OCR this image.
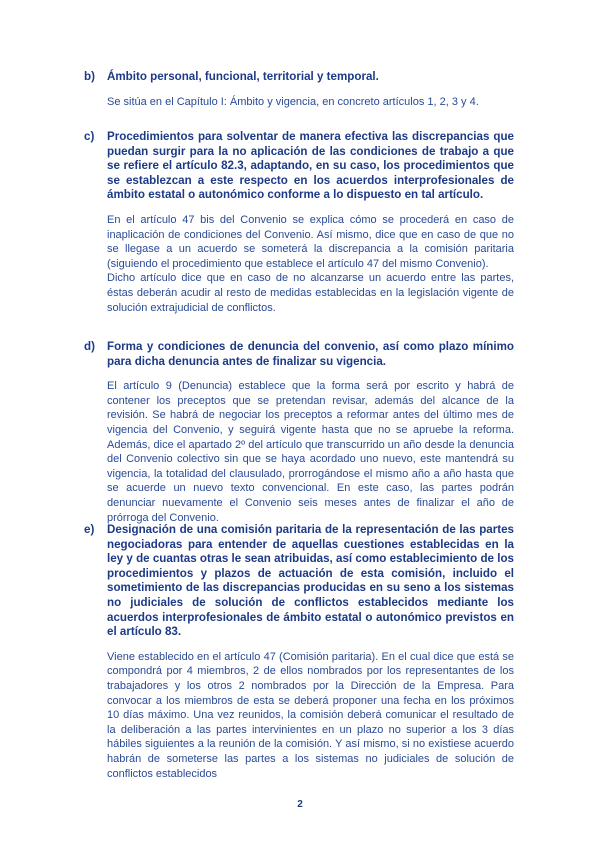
b) Ámbito personal, funcional, territorial y temporal.

Se sitúa en el Capítulo I: Ámbito y vigencia, en concreto artículos 1, 2, 3 y 4.

c) Procedimientos para solventar de manera efectiva las discrepancias que puedan surgir para la no aplicación de las condiciones de trabajo a que se refiere el artículo 82.3, adaptando, en su caso, los procedimientos que se establezcan a este respecto en los acuerdos interprofesionales de ámbito estatal o autonómico conforme a lo dispuesto en tal artículo.

En el artículo 47 bis del Convenio se explica cómo se procederá en caso de inaplicación de condiciones del Convenio. Así mismo, dice que en caso de que no se llegase a un acuerdo se someterá la discrepancia a la comisión paritaria (siguiendo el procedimiento que establece el artículo 47 del mismo Convenio).

Dicho artículo dice que en caso de no alcanzarse un acuerdo entre las partes, éstas deberán acudir al resto de medidas establecidas en la legislación vigente de solución extrajudicial de conflictos.

d) Forma y condiciones de denuncia del convenio, así como plazo mínimo para dicha denuncia antes de finalizar su vigencia.

El artículo 9 (Denuncia) establece que la forma será por escrito y habrá de contener los preceptos que se pretendan revisar, además del alcance de la revisión. Se habrá de negociar los preceptos a reformar antes del último mes de vigencia del Convenio, y seguirá vigente hasta que no se apruebe la reforma. Además, dice el apartado 2º del artículo que transcurrido un año desde la denuncia del Convenio colectivo sin que se haya acordado uno nuevo, este mantendrá su vigencia, la totalidad del clausulado, prorrogándose el mismo año a año hasta que se acuerde un nuevo texto convencional. En este caso, las partes podrán denunciar nuevamente el Convenio seis meses antes de finalizar el año de prórroga del Convenio.

e) Designación de una comisión paritaria de la representación de las partes negociadoras para entender de aquellas cuestiones establecidas en la ley y de cuantas otras le sean atribuidas, así como establecimiento de los procedimientos y plazos de actuación de esta comisión, incluido el sometimiento de las discrepancias producidas en su seno a los sistemas no judiciales de solución de conflictos establecidos mediante los acuerdos interprofesionales de ámbito estatal o autonómico previstos en el artículo 83.

Viene establecido en el artículo 47 (Comisión paritaria). En el cual dice que está se compondrá por 4 miembros, 2 de ellos nombrados por los representantes de los trabajadores y los otros 2 nombrados por la Dirección de la Empresa. Para convocar a los miembros de esta se deberá proponer una fecha en los próximos 10 días máximo. Una vez reunidos, la comisión deberá comunicar el resultado de la deliberación a las partes intervinientes en un plazo no superior a los 3 días hábiles siguientes a la reunión de la comisión. Y así mismo, si no existiese acuerdo habrán de someterse las partes a los sistemas no judiciales de solución de conflictos establecidos

2
